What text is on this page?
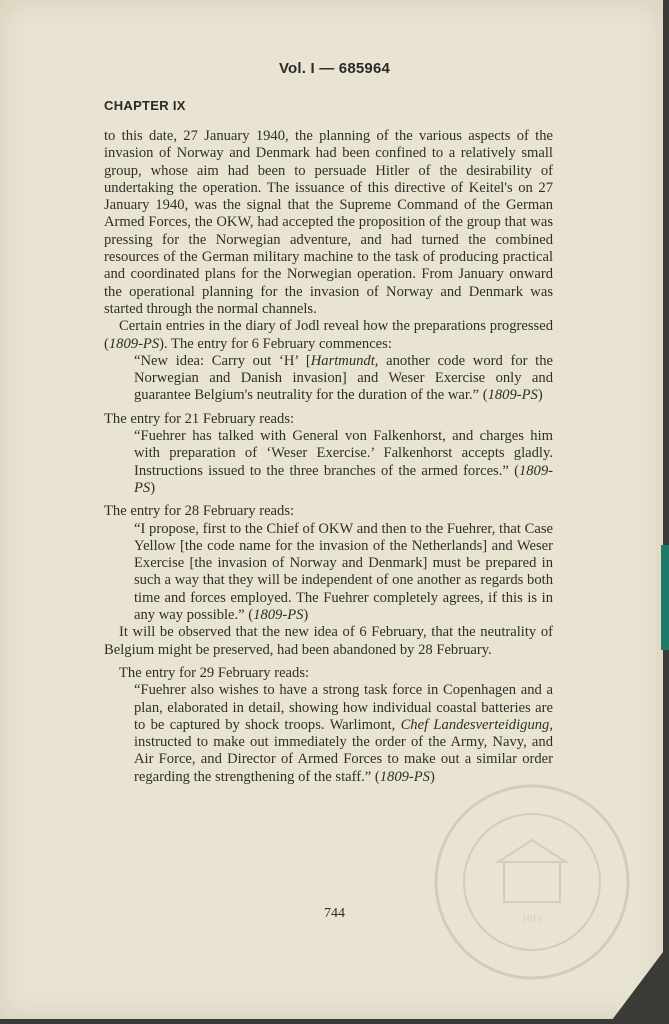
1819
Vol. I — 685964
CHAPTER IX

to this date, 27 January 1940, the planning of the various aspects of the invasion of Norway and Denmark had been confined to a relatively small group, whose aim had been to persuade Hitler of the desirability of undertaking the operation. The issuance of this directive of Keitel's on 27 January 1940, was the signal that the Supreme Command of the German Armed Forces, the OKW, had accepted the proposition of the group that was pressing for the Norwegian adventure, and had turned the combined resources of the German military machine to the task of producing practical and coordinated plans for the Norwegian operation. From January onward the operational planning for the invasion of Norway and Denmark was started through the normal channels.

Certain entries in the diary of Jodl reveal how the preparations progressed (1809-PS). The entry for 6 February commences:

“New idea: Carry out ‘H’ [Hartmundt, another code word for the Norwegian and Danish invasion] and Weser Exercise only and guarantee Belgium's neutrality for the duration of the war.” (1809-PS)

The entry for 21 February reads:

“Fuehrer has talked with General von Falkenhorst, and charges him with preparation of ‘Weser Exercise.’ Falkenhorst accepts gladly. Instructions issued to the three branches of the armed forces.” (1809-PS)

The entry for 28 February reads:

“I propose, first to the Chief of OKW and then to the Fuehrer, that Case Yellow [the code name for the invasion of the Netherlands] and Weser Exercise [the invasion of Norway and Denmark] must be prepared in such a way that they will be independent of one another as regards both time and forces employed. The Fuehrer completely agrees, if this is in any way possible.” (1809-PS)

It will be observed that the new idea of 6 February, that the neutrality of Belgium might be preserved, had been abandoned by 28 February.

The entry for 29 February reads:

“Fuehrer also wishes to have a strong task force in Copenhagen and a plan, elaborated in detail, showing how individual coastal batteries are to be captured by shock troops. Warlimont, Chef Landesverteidigung, instructed to make out immediately the order of the Army, Navy, and Air Force, and Director of Armed Forces to make out a similar order regarding the strengthening of the staff.” (1809-PS)

744
